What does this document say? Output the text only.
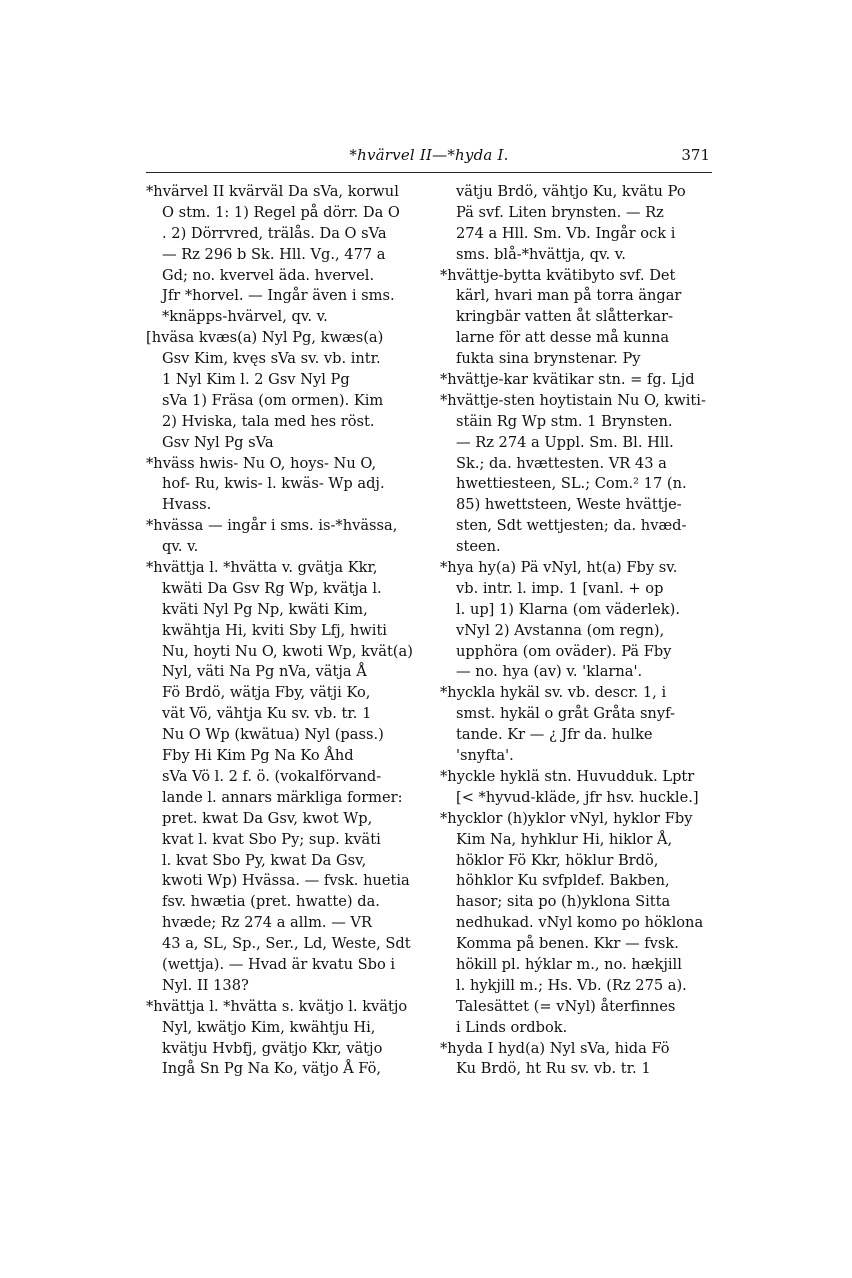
*hvärvel II—*hyda I.	371
*hvärvel II kvärväl Da sVa, korwul
O stm. 1: 1) Regel på dörr. Da O
. 2) Dörrvred, trälås. Da O sVa
— Rz 296 b Sk. Hll. Vg., 477 a
Gd; no. kvervel äda. hvervel.
Jfr *horvel. — Ingår även i sms.
*knäpps-hvärvel, qv. v.
[hväsa kvæs(a) Nyl Pg, kwæs(a)
Gsv Kim, kvęs sVa sv. vb. intr.
1 Nyl Kim l. 2 Gsv Nyl Pg
sVa 1) Fräsa (om ormen). Kim
2) Hviska, tala med hes röst.
Gsv Nyl Pg sVa
*hväss hwis- Nu O, hoys- Nu O,
hof- Ru, kwis- l. kwäs- Wp adj.
Hvass.
*hvässa — ingår i sms. is-*hvässa,
qv. v.
*hvättja l. *hvätta v. gvätja Kkr,
kwäti Da Gsv Rg Wp, kvätja l.
kväti Nyl Pg Np, kwäti Kim,
kwähtja Hi, kviti Sby Lfj, hwiti
Nu, hoyti Nu O, kwoti Wp, kvät(a)
Nyl, väti Na Pg nVa, vätja Å
Fö Brdö, wätja Fby, vätji Ko,
vät Vö, vähtja Ku sv. vb. tr. 1
Nu O Wp (kwätua) Nyl (pass.)
Fby Hi Kim Pg Na Ko Åhd
sVa Vö l. 2 f. ö. (vokalförvand-
lande l. annars märkliga former:
pret. kwat Da Gsv, kwot Wp,
kvat l. kvat Sbo Py; sup. kväti
l. kvat Sbo Py, kwat Da Gsv,
kwoti Wp) Hvässa. — fvsk. huetia
fsv. hwætia (pret. hwatte) da.
hvæde; Rz 274 a allm. — VR
43 a, SL, Sp., Ser., Ld, Weste, Sdt
(wettja). — Hvad är kvatu Sbo i
Nyl. II 138?
*hvättja l. *hvätta s. kvätjo l. kvätjo
Nyl, kwätjo Kim, kwähtju Hi,
kvätju Hvbfj, gvätjo Kkr, vätjo
Ingå Sn Pg Na Ko, vätjo Å Fö,
vätju Brdö, vähtjo Ku, kvätu Po
Pä svf. Liten brynsten. — Rz
274 a Hll. Sm. Vb. Ingår ock i
sms. blå-*hvättja, qv. v.
*hvättje-bytta kvätibyto svf. Det
kärl, hvari man på torra ängar
kringbär vatten åt slåtterkar-
larne för att desse må kunna
fukta sina brynstenar. Py
*hvättje-kar kvätikar stn. = fg. Ljd
*hvättje-sten hoytistain Nu O, kwiti-
stäin Rg Wp stm. 1 Brynsten.
— Rz 274 a Uppl. Sm. Bl. Hll.
Sk.; da. hvættesten. VR 43 a
hwettiesteen, SL.; Com.² 17 (n.
85) hwettsteen, Weste hvättje-
sten, Sdt wettjesten; da. hvæd-
steen.
*hya hy(a) Pä vNyl, ht(a) Fby sv.
vb. intr. l. imp. 1 [vanl. + op
l. up] 1) Klarna (om väderlek).
vNyl 2) Avstanna (om regn),
upphöra (om oväder). Pä Fby
— no. hya (av) v. 'klarna'.
*hyckla hykäl sv. vb. descr. 1, i
smst. hykäl o gråt Gråta snyf-
tande. Kr — ¿ Jfr da. hulke
'snyfta'.
*hyckle hyklä stn. Huvudduk. Lptr
[< *hyvud-kläde, jfr hsv. huckle.]
*hycklor (h)yklor vNyl, hyklor Fby
Kim Na, hyhklur Hi, hiklor Å,
höklor Fö Kkr, höklur Brdö,
höhklor Ku svfpldef. Bakben,
hasor; sita po (h)yklona Sitta
nedhukad. vNyl komo po höklona
Komma på benen. Kkr — fvsk.
hökill pl. hýklar m., no. hækjill
l. hykjill m.; Hs. Vb. (Rz 275 a).
Talesättet (= vNyl) återfinnes
i Linds ordbok.
*hyda I hyd(a) Nyl sVa, hida Fö
Ku Brdö, ht Ru sv. vb. tr. 1
